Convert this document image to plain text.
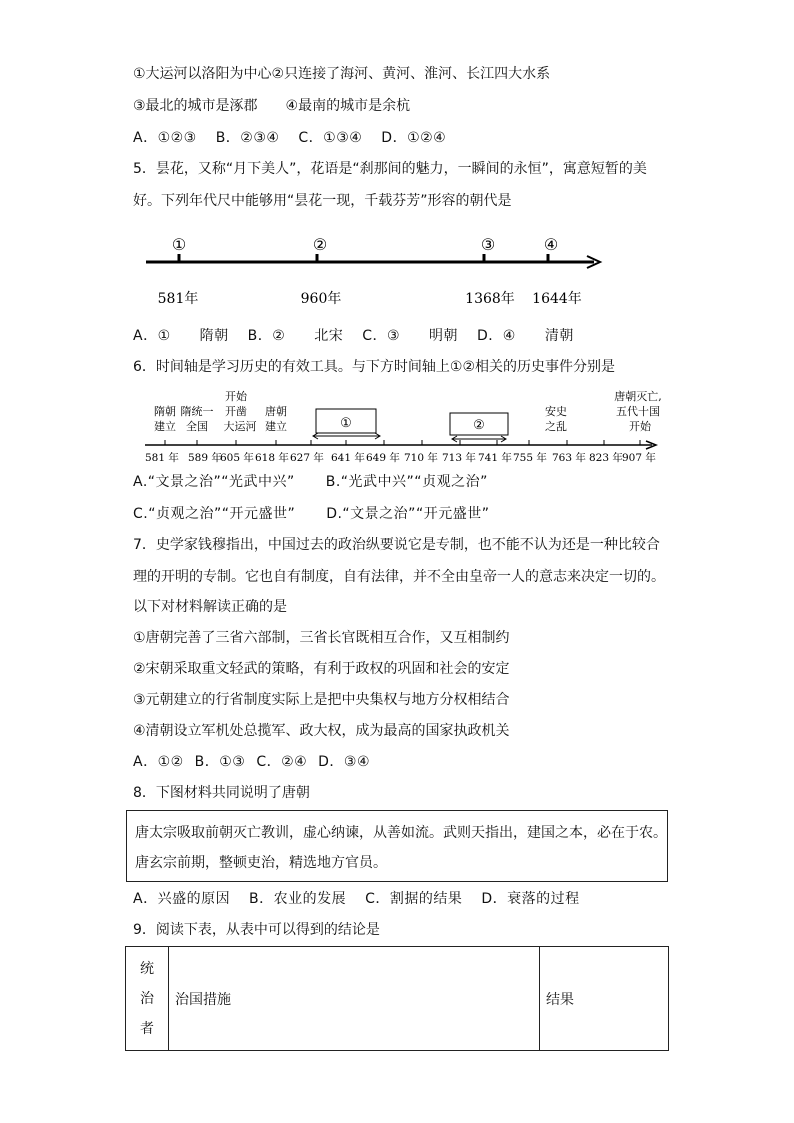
①大运河以洛阳为中心②只连接了海河、黄河、淮河、长江四大水系
③最北的城市是涿郡　　④最南的城市是余杭
A．①②③ B．②③④ C．①③④ D．①②④
5．昙花，又称“月下美人”，花语是“刹那间的魅力，一瞬间的永恒”，寓意短暂的美
好。下列年代尺中能够用“昙花一现，千载芬芳”形容的朝代是
①	②	③	④
581年	960年	1368年 1644年
A．①　　隋朝 B．②　　北宋 C．③　　明朝 D．④　　清朝
6．时间轴是学习历史的有效工具。与下方时间轴上①②相关的历史事件分别是
隋朝
建立
隋统一
全国
开始
开凿
大运河
唐朝
建立
安史
之乱
唐朝灭亡,
五代十国
开始
①	②
581 年 589 年
605 年 618 年 627 年 641 年 649 年 710 年 713 年 741 年 755 年 763 年 823 年 907 年
A.“文景之治”“光武中兴” B.“光武中兴”“贞观之治”
C.“贞观之治”“开元盛世” D.“文景之治”“开元盛世”
7．史学家钱穆指出，中国过去的政治纵要说它是专制，也不能不认为还是一种比较合
理的开明的专制。它也自有制度，自有法律，并不全由皇帝一人的意志来决定一切的。
以下对材料解读正确的是
①唐朝完善了三省六部制，三省长官既相互合作，又互相制约
②宋朝采取重文轻武的策略，有利于政权的巩固和社会的安定
③元朝建立的行省制度实际上是把中央集权与地方分权相结合
④清朝设立军机处总揽军、政大权，成为最高的国家执政机关
A．①② B．①③ C．②④ D．③④
8．下图材料共同说明了唐朝
唐太宗吸取前朝灭亡教训，虚心纳谏，从善如流。武则天指出，建国之本，必在于农。
唐玄宗前期，整顿吏治，精选地方官员。
A．兴盛的原因 B．农业的发展 C．割据的结果 D．衰落的过程
9．阅读下表，从表中可以得到的结论是
统
治
者
	治国措施	结果
